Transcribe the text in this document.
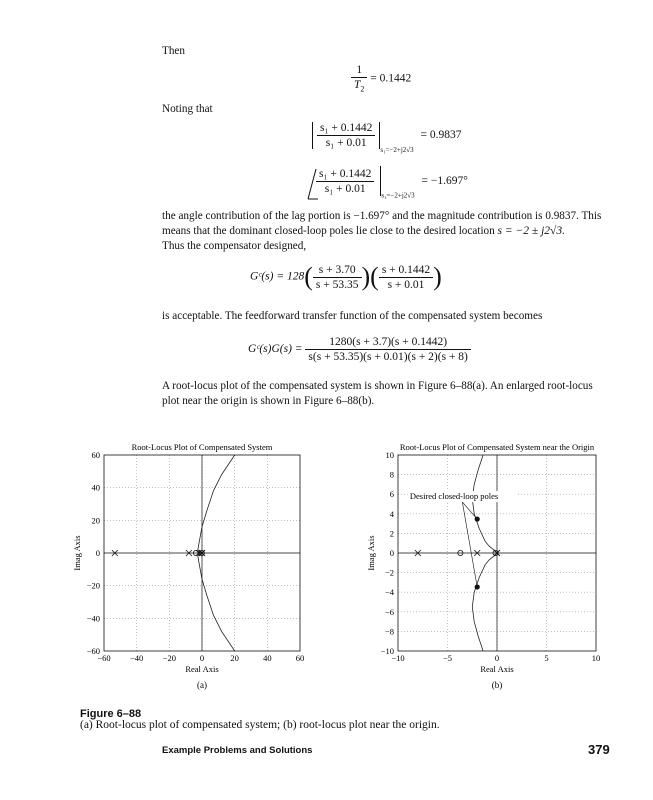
Then
$\frac{1}{T_2} = 0.1442$
Noting that
$\frac{\text{s₁ + 0.1442}}{\text{s₁ + 0.01}}$
$_{s_1=-2+j2√3}$ = 0.9837
$\frac{\text{s₁ + 0.1442}}{\text{s₁ + 0.01}}$
$_{s_1=-2+j2√3}$ = −1.697°
the angle contribution of the lag portion is −1.697° and the magnitude contribution is 0.9837. This
means that the dominant closed-loop poles lie close to the desired location s = −2 ± j2√3.
Thus the compensator designed,
Gᶜ(s) = $128( \frac{s + 3.70}{s + 53.35}$ )( $\frac{s + 0.1442}{s + 0.01}$ )
is acceptable. The feedforward transfer function of the compensated system becomes
Gᶜ(s)G(s) = $\frac{1280(s + 3.7)(s + 0.1442)}{s(s + 53.35)(s + 0.01)(s + 2)(s + 8)}$
A root-locus plot of the compensated system is shown in Figure 6–88(a). An enlarged root-locus
plot near the origin is shown in Figure 6–88(b).
Root-Locus Plot of Compensated System
−60 −40 −20	0	20	40	60
60
40
20
0
−20
−40
−60
Real Axis
Imag Axis
(a)
Root-Locus Plot of Compensated System near the Origin
−10	−5	0	5	10
10
8
6
4
2
0
−2
−4
−6
−8
−10
Real Axis
Imag Axis
Desired closed-loop poles
(b)
Figure 6–88
(a) Root-locus plot of compensated system; (b) root-locus plot near the origin.
Example Problems and Solutions	379
